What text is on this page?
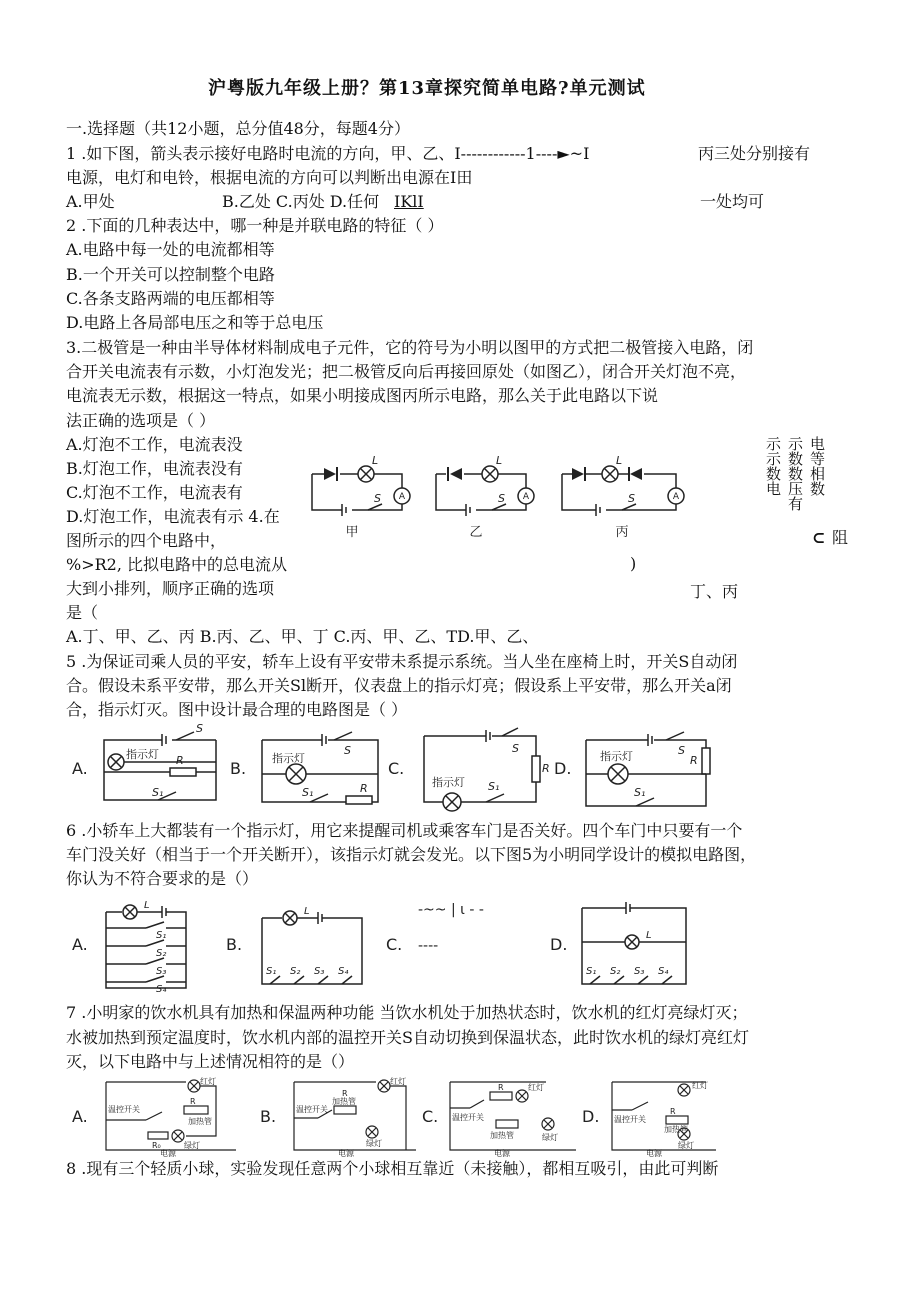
沪粤版九年级上册？第13章探究简单电路?单元测试
一.选择题（共12小题，总分值48分，每题4分）
1 .如下图，箭头表示接好电路时电流的方向，甲、乙、I------------1----►~I	丙三处分别接有
电源，电灯和电铃，根据电流的方向可以判断出电源在I田
A.甲处	B.乙处 C.丙处 D.任何 IKlI	一处均可
2 .下面的几种表达中，哪一种是并联电路的特征（ ）
A.电路中每一处的电流都相等
B.一个开关可以控制整个电路
C.各条支路两端的电压都相等
D.电路上各局部电压之和等于总电压
3.二极管是一种由半导体材料制成电子元件，它的符号为小明以图甲的方式把二极管接入电路，闭
合开关电流表有示数，小灯泡发光；把二极管反向后再接回原处（如图乙），闭合开关灯泡不亮，
电流表无示数，根据这一特点，如果小明接成图丙所示电路，那么关于此电路以下说
法正确的选项是（ ）
A.灯泡不工作，电流表没
B.灯泡工作，电流表没有
C.灯泡不工作，电流表有
D.灯泡工作，电流表有示 4.在
L	L	L
S	S	S
A	A	A
甲	乙	丙
)
示示数电 示数数压有 电等相数
⊂ 阻
图所示的四个电路中，
%>R2, 比拟电路中的总电流从
大到小排列，顺序正确的选项
是（
丁、丙
A.丁、甲、乙、丙 B.丙、乙、甲、丁 C.丙、甲、乙、TD.甲、乙、
5 .为保证司乘人员的平安，轿车上设有平安带未系提示系统。当人坐在座椅上时，开关S自动闭
合。假设未系平安带，那么开关Sl断开，仪表盘上的指示灯亮；假设系上平安带，那么开关a闭
合，指示灯灭。图中设计最合理的电路图是（ ）
指示灯	指示灯
指示灯
指示灯
R
R
R
R
S
S	S	S
S₁	S₁	S₁	S₁
A.	B.	C.	D.
6 .小轿车上大都装有一个指示灯，用它来提醒司机或乘客车门是否关好。四个车门中只要有一个
车门没关好（相当于一个开关断开），该指示灯就会发光。以下图5为小明同学设计的模拟电路图，
你认为不符合要求的是（）
L
L
L
S₁
S₂
S₃
S₄
S₁ S₂ S₃ S₄	S₁ S₂ S₃ S₄
A.	B.	C.	D.
-~~ | ι - -
----
7 .小明家的饮水机具有加热和保温两种功能 当饮水机处于加热状态时，饮水机的红灯亮绿灯灭；
水被加热到预定温度时，饮水机内部的温控开关S自动切换到保温状态，此时饮水机的绿灯亮红灯
灭，以下电路中与上述情况相符的是（）
红灯
绿灯
加热管
温控开关
电源
R
R₀
红灯
绿灯
加热管
温控开关
电源
R
红灯
绿灯
加热管
温控开关
电源
R	红灯
绿灯
加热管
温控开关
电源
R
A.	B.	C.	D.
8 .现有三个轻质小球，实验发现任意两个小球相互靠近（未接触），都相互吸引，由此可判断
